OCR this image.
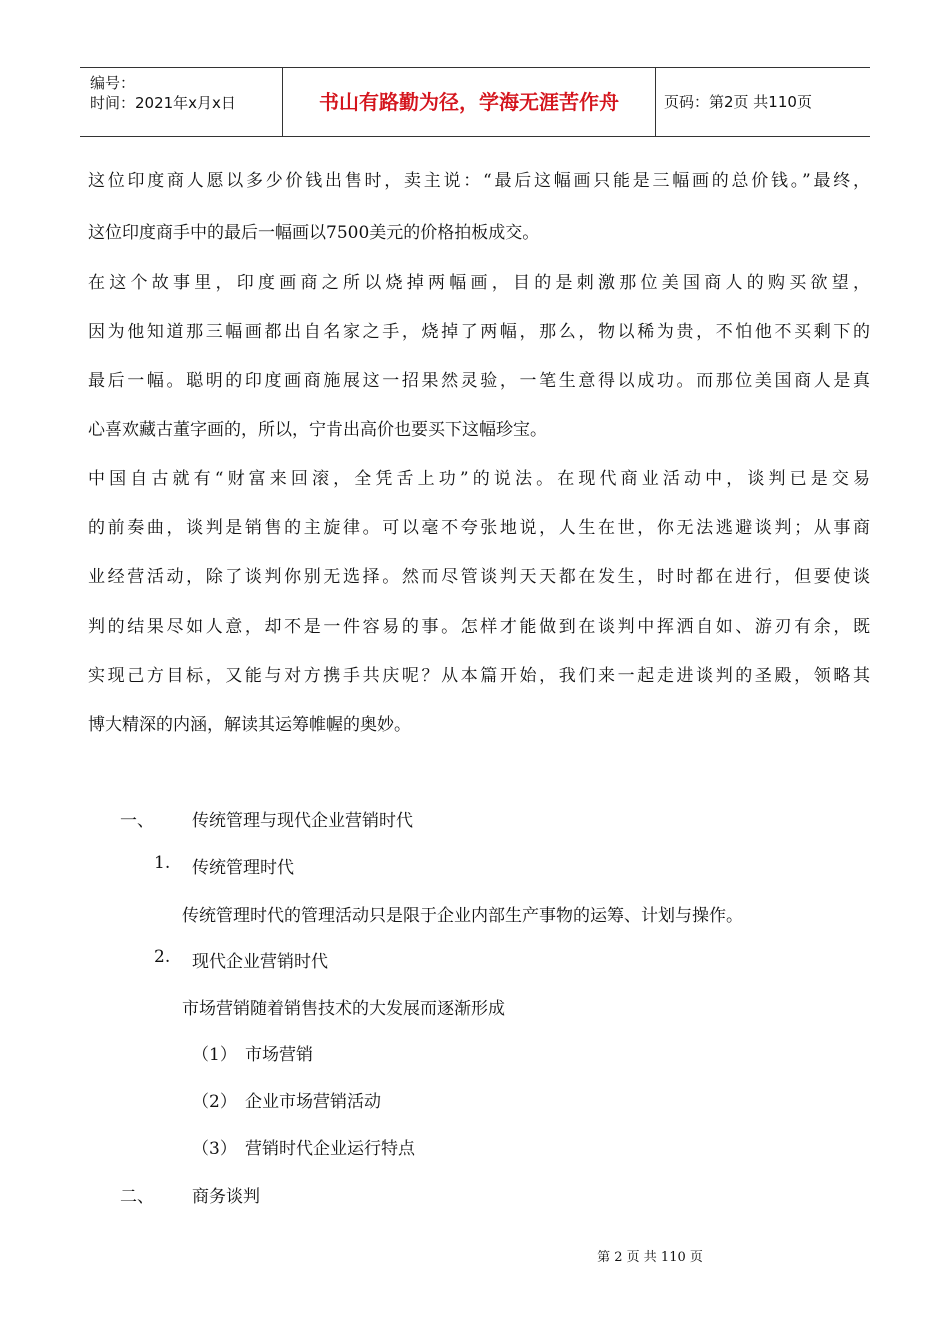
编号：
时间：2021年x月x日	书山有路勤为径，学海无涯苦作舟	页码：第2页 共110页
这位印度商人愿以多少价钱出售时，卖主说：“最后这幅画只能是三幅画的总价钱。”最终，
这位印度商手中的最后一幅画以7500美元的价格拍板成交。
在这个故事里，印度画商之所以烧掉两幅画，目的是刺激那位美国商人的购买欲望，
因为他知道那三幅画都出自名家之手，烧掉了两幅，那么，物以稀为贵，不怕他不买剩下的
最后一幅。聪明的印度画商施展这一招果然灵验，一笔生意得以成功。而那位美国商人是真
心喜欢藏古董字画的，所以，宁肯出高价也要买下这幅珍宝。
中国自古就有“财富来回滚，全凭舌上功”的说法。在现代商业活动中，谈判已是交易
的前奏曲，谈判是销售的主旋律。可以毫不夸张地说，人生在世，你无法逃避谈判；从事商
业经营活动，除了谈判你别无选择。然而尽管谈判天天都在发生，时时都在进行，但要使谈
判的结果尽如人意，却不是一件容易的事。怎样才能做到在谈判中挥洒自如、游刃有余，既
实现己方目标，又能与对方携手共庆呢？从本篇开始，我们来一起走进谈判的圣殿，领略其
博大精深的内涵，解读其运筹帷幄的奥妙。
一、 传统管理与现代企业营销时代
1. 传统管理时代
传统管理时代的管理活动只是限于企业内部生产事物的运筹、计划与操作。
2. 现代企业营销时代
市场营销随着销售技术的大发展而逐渐形成
（1） 市场营销
（2） 企业市场营销活动
（3） 营销时代企业运行特点
二、 商务谈判
第 2 页 共 110 页
